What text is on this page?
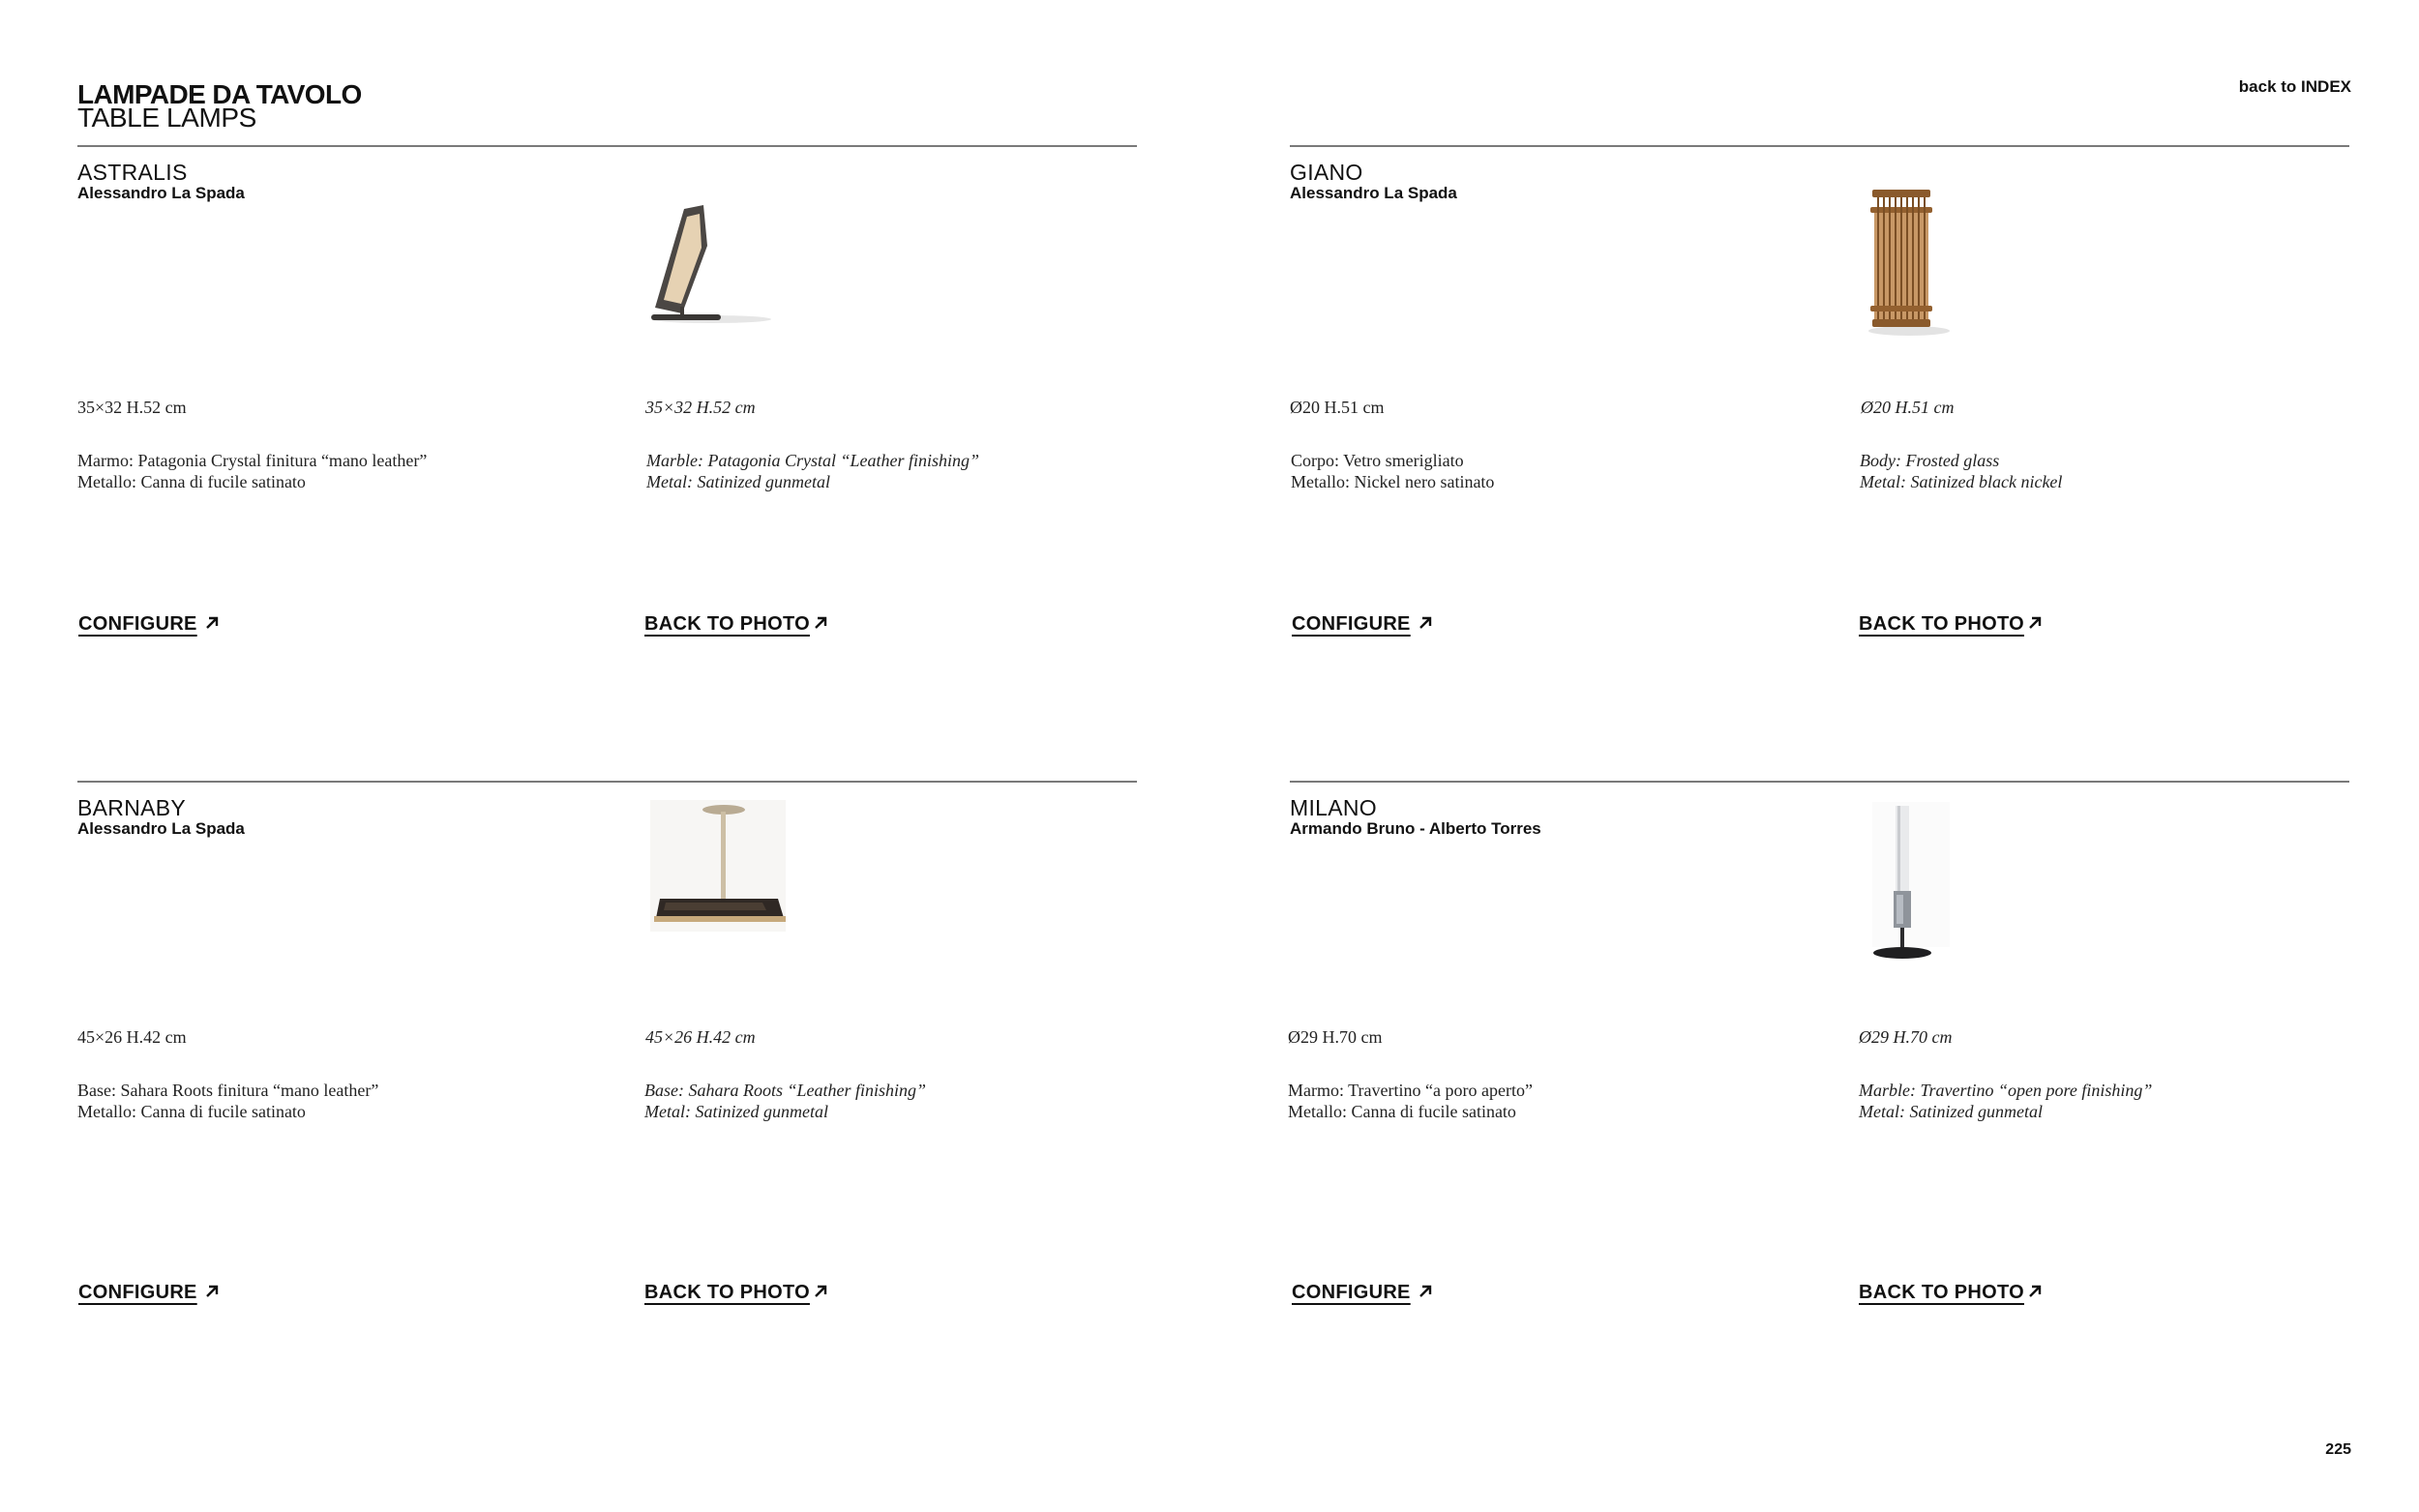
LAMPADE DA TAVOLO
TABLE LAMPS
back to INDEX
ASTRALIS
Alessandro La Spada
35×32 H.52 cm	35×32 H.52 cm
Marmo: Patagonia Crystal finitura “mano leather”
Metallo: Canna di fucile satinato
Marble: Patagonia Crystal “Leather finishing”
Metal: Satinized gunmetal
CONFIGURE	BACK TO PHOTO
GIANO
Alessandro La Spada
Ø20 H.51 cm	Ø20 H.51 cm
Corpo: Vetro smerigliato
Metallo: Nickel nero satinato
Body: Frosted glass
Metal: Satinized black nickel
CONFIGURE	BACK TO PHOTO
BARNABY
Alessandro La Spada
45×26 H.42 cm	45×26 H.42 cm
Base: Sahara Roots finitura “mano leather”
Metallo: Canna di fucile satinato
Base: Sahara Roots “Leather finishing”
Metal: Satinized gunmetal
CONFIGURE	BACK TO PHOTO
MILANO
Armando Bruno - Alberto Torres
Ø29 H.70 cm	Ø29 H.70 cm
Marmo: Travertino “a poro aperto”
Metallo: Canna di fucile satinato
Marble: Travertino “open pore finishing”
Metal: Satinized gunmetal
CONFIGURE	BACK TO PHOTO
225
